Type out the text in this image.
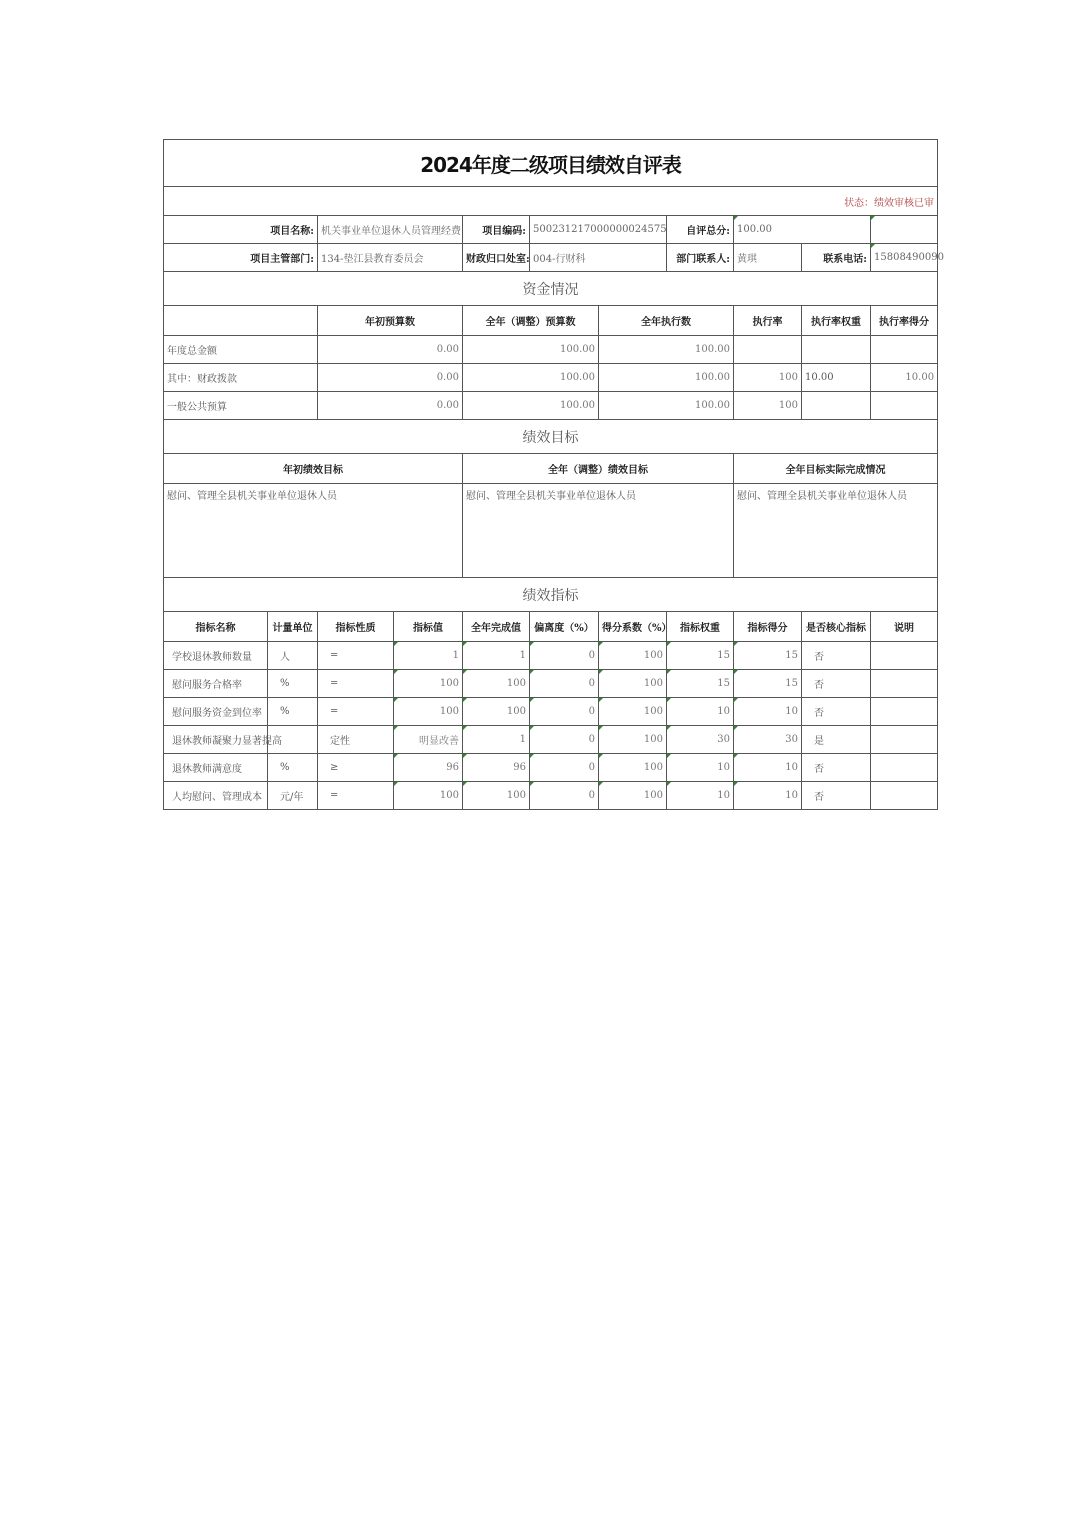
2024年度二级项目绩效自评表										
状态：绩效审核已审										
项目名称:		机关事业单位退休人员管理经费		项目编码:	500231217000000024575		自评总分:	100.00		
项目主管部门:		134-垫江县教育委员会		财政归口处室:	004-行财科		部门联系人:	黄琪	联系电话:	15808490090
资金情况										
		年初预算数		全年（调整）预算数		全年执行数		执行率	执行率权重	执行率得分
年度总金额		0.00		100.00		100.00				
其中：财政拨款		0.00		100.00		100.00		100	10.00	10.00
一般公共预算		0.00		100.00		100.00		100		
绩效目标										
年初绩效目标				全年（调整）绩效目标				全年目标实际完成情况		
慰问、管理全县机关事业单位退休人员				慰问、管理全县机关事业单位退休人员				慰问、管理全县机关事业单位退休人员		
绩效指标										
指标名称	计量单位	指标性质	指标值	全年完成值	偏离度（%）	得分系数（%）	指标权重	指标得分	是否核心指标	说明
学校退休教师数量	人	=	1	1	0	100	15	15	否	
慰问服务合格率	%	=	100	100	0	100	15	15	否	
慰问服务资金到位率	%	=	100	100	0	100	10	10	否	
退休教师凝聚力显著提高		定性	明显改善	1	0	100	30	30	是	
退休教师满意度	%	≥	96	96	0	100	10	10	否	
人均慰问、管理成本	元/年	=	100	100	0	100	10	10	否	
